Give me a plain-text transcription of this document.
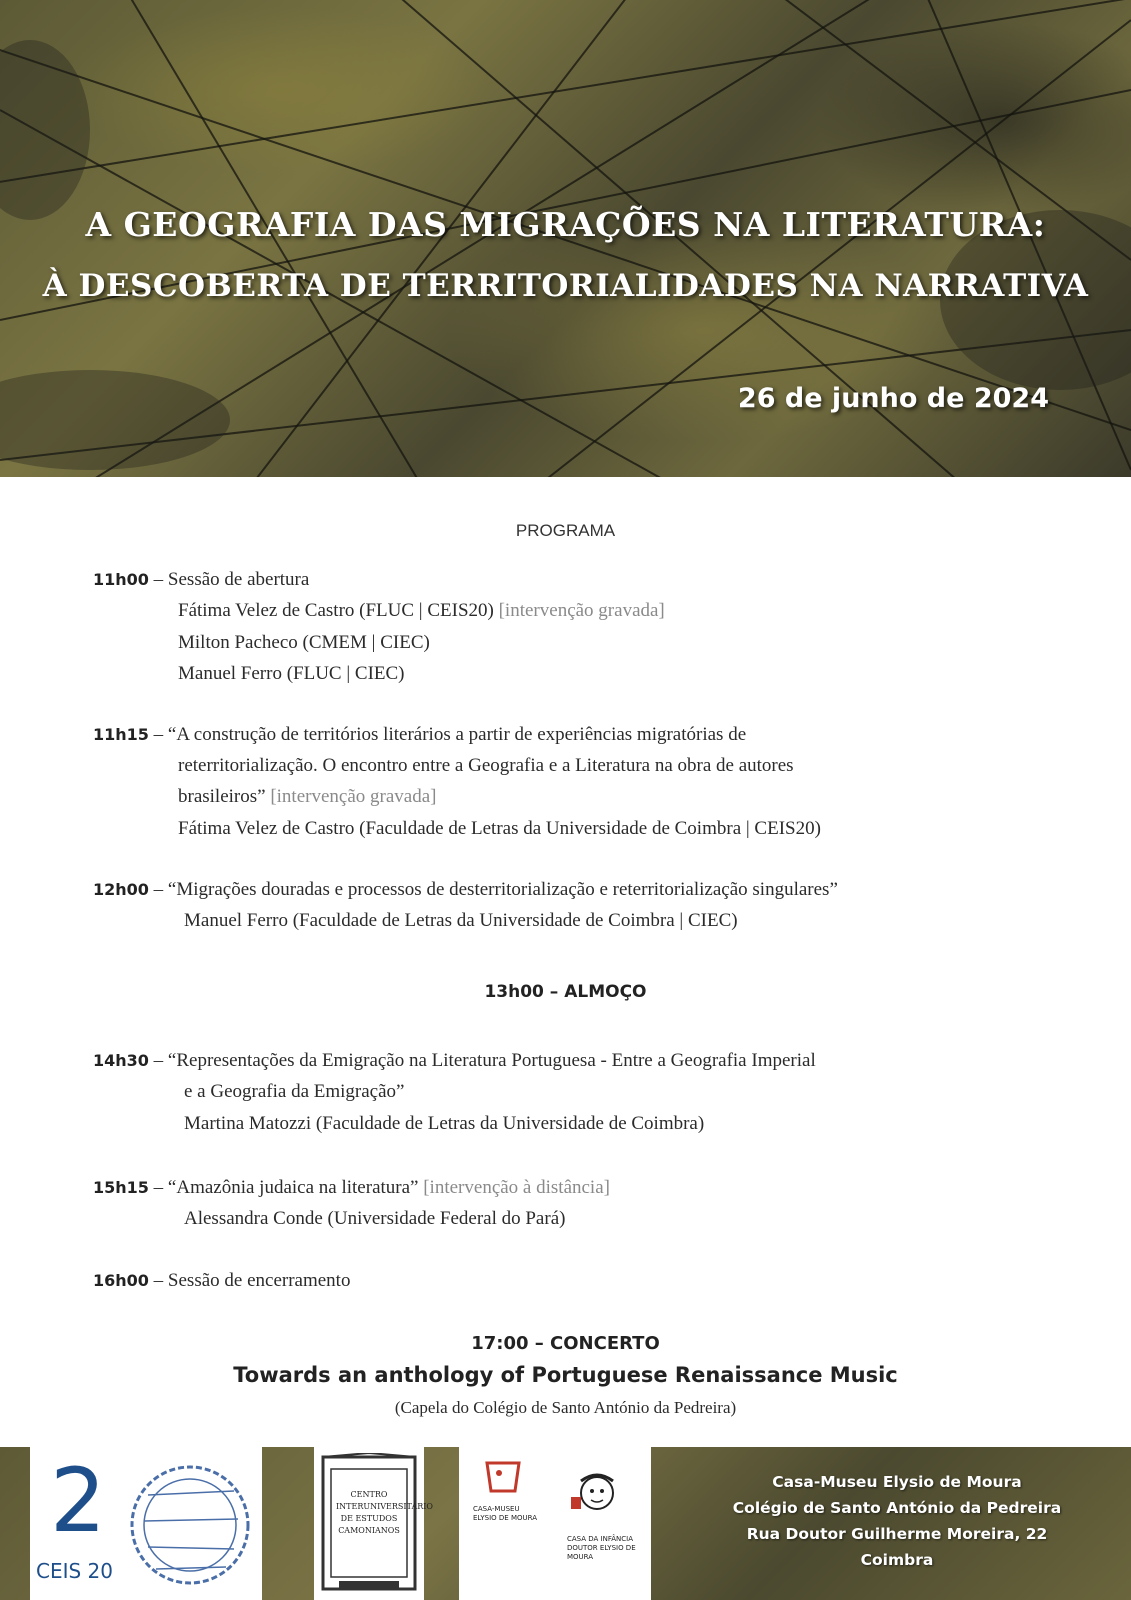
A GEOGRAFIA DAS MIGRAÇÕES NA LITERATURA:
À DESCOBERTA DE TERRITORIALIDADES NA NARRATIVA
26 de junho de 2024
PROGRAMA
11h00 – Sessão de abertura
Fátima Velez de Castro (FLUC | CEIS20) [intervenção gravada]
Milton Pacheco (CMEM | CIEC)
Manuel Ferro (FLUC | CIEC)
11h15 – “A construção de territórios literários a partir de experiências migratórias de
reterritorialização. O encontro entre a Geografia e a Literatura na obra de autores
brasileiros” [intervenção gravada]
Fátima Velez de Castro (Faculdade de Letras da Universidade de Coimbra | CEIS20)
12h00 – “Migrações douradas e processos de desterritorialização e reterritorialização singulares”
Manuel Ferro (Faculdade de Letras da Universidade de Coimbra | CIEC)
13h00 – ALMOÇO
14h30 – “Representações da Emigração na Literatura Portuguesa - Entre a Geografia Imperial
e a Geografia da Emigração”
Martina Matozzi (Faculdade de Letras da Universidade de Coimbra)
15h15 – “Amazônia judaica na literatura” [intervenção à distância]
Alessandra Conde (Universidade Federal do Pará)
16h00 – Sessão de encerramento
17:00 – CONCERTO
Towards an anthology of Portuguese Renaissance Music
(Capela do Colégio de Santo António da Pedreira)
2
CEIS 20
CENTRO INTERUNIVERSITÁRIO DE ESTUDOS CAMONIANOS
CASA-MUSEU ELYSIO DE MOURA
CASA DA INFÂNCIA DOUTOR ELYSIO DE MOURA
Casa-Museu Elysio de Moura
Colégio de Santo António da Pedreira
Rua Doutor Guilherme Moreira, 22
Coimbra
